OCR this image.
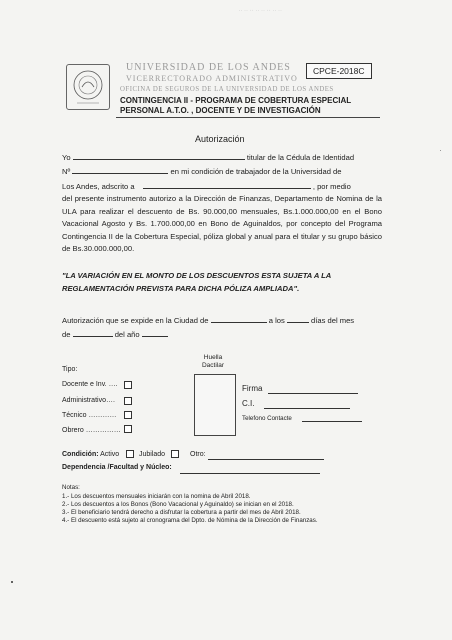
·· ·· ·· ·· ·· ·· ·· ··
UNIVERSIDAD DE LOS ANDES
VICERRECTORADO ADMINISTRATIVO
OFICINA DE SEGUROS DE LA UNIVERSIDAD DE LOS ANDES
CPCE-2018C
CONTINGENCIA II - PROGRAMA DE COBERTURA ESPECIAL
PERSONAL A.T.O. , DOCENTE Y DE INVESTIGACIÓN
Autorización
Yo	titular de la Cédula de Identidad
Nº	en mi condición de trabajador de la Universidad de
Los Andes, adscrito a	, por medio
del presente instrumento autorizo a la Dirección de Finanzas, Departamento de Nomina de la ULA para realizar el descuento de Bs. 90.000,00 mensuales, Bs.1.000.000,00 en el Bono Vacacional Agosto y Bs. 1.700.000,00 en Bono de Aguinaldos, por concepto del Programa Contingencia II de la Cobertura Especial, póliza global y anual para el titular y su grupo básico de Bs.30.000.000,00.
"LA VARIACIÓN EN EL MONTO DE LOS DESCUENTOS ESTA SUJETA A LA REGLAMENTACIÓN PREVISTA PARA DICHA PÓLIZA AMPLIADA".
Autorización que se expide en la Ciudad de	a los	días del mes
de	del año
Huella Dactilar
Tipo:
Docente e Inv. ….
Administrativo….
Técnico …………
Obrero ……………
Firma
C.I.
Telefono Contacte
Condición: Activo	Jubilado	Otro:
Dependencia /Facultad y Núcleo:
Notas:
1.- Los descuentos mensuales iniciarán con la nomina de Abril 2018.
2.- Los descuentos a los Bonos (Bono Vacacional y Aguinaldo) se inician en el 2018.
3.- El beneficiario tendrá derecho a disfrutar la cobertura a partir del mes de Abril 2018.
4.- El descuento está sujeto al cronograma del Dpto. de Nómina de la Dirección de Finanzas.
